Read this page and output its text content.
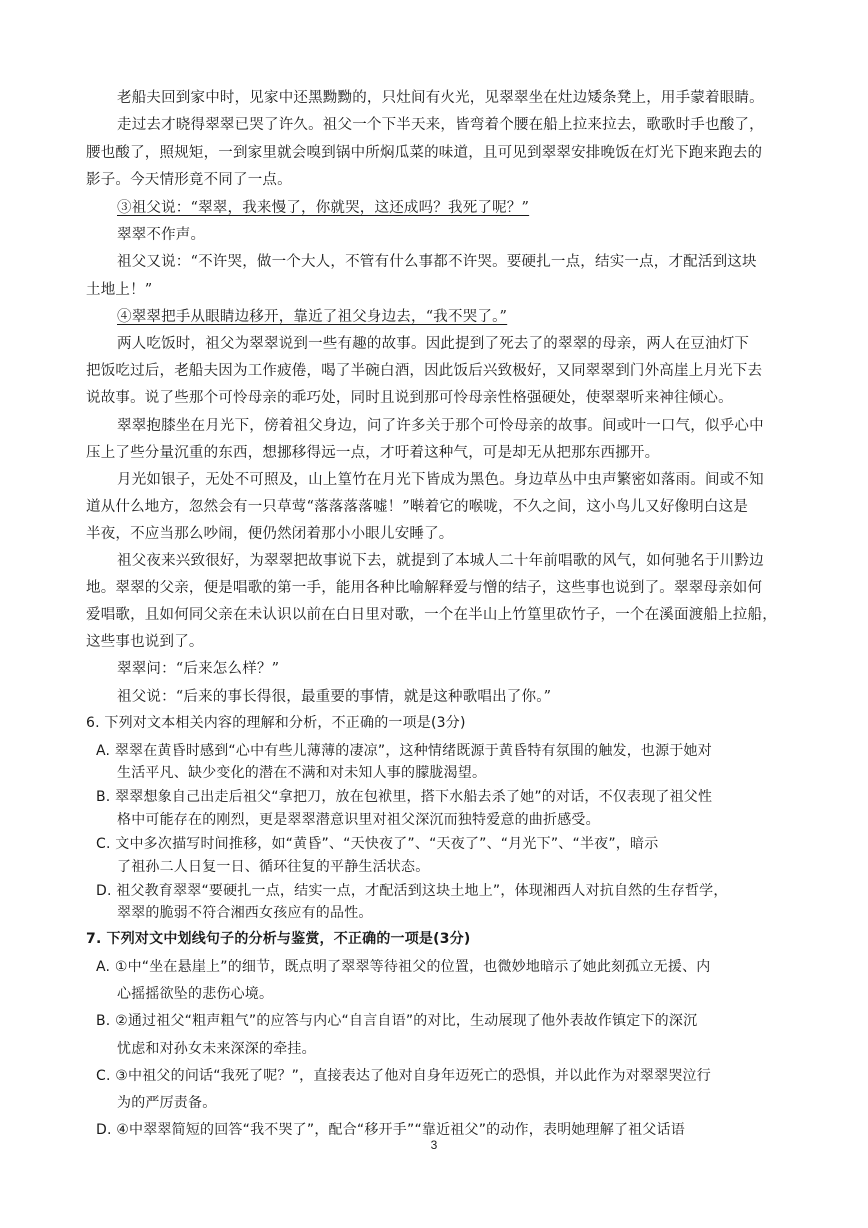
老船夫回到家中时，见家中还黑黝黝的，只灶间有火光，见翠翠坐在灶边矮条凳上，用手蒙着眼睛。
走过去才晓得翠翠已哭了许久。祖父一个下半天来，皆弯着个腰在船上拉来拉去，歌歌时手也酸了，
腰也酸了，照规矩，一到家里就会嗅到锅中所焖瓜菜的味道，且可见到翠翠安排晚饭在灯光下跑来跑去的
影子。今天情形竟不同了一点。
③祖父说：“翠翠，我来慢了，你就哭，这还成吗？我死了呢？”
翠翠不作声。
祖父又说：“不许哭，做一个大人，不管有什么事都不许哭。要硬扎一点，结实一点，才配活到这块
土地上！”
④翠翠把手从眼睛边移开，靠近了祖父身边去，“我不哭了。”
两人吃饭时，祖父为翠翠说到一些有趣的故事。因此提到了死去了的翠翠的母亲，两人在豆油灯下
把饭吃过后，老船夫因为工作疲倦，喝了半碗白酒，因此饭后兴致极好，又同翠翠到门外高崖上月光下去
说故事。说了些那个可怜母亲的乖巧处，同时且说到那可怜母亲性格强硬处，使翠翠听来神往倾心。
翠翠抱膝坐在月光下，傍着祖父身边，问了许多关于那个可怜母亲的故事。间或叶一口气，似乎心中
压上了些分量沉重的东西，想挪移得远一点，才吁着这种气，可是却无从把那东西挪开。
月光如银子，无处不可照及，山上篁竹在月光下皆成为黑色。身边草丛中虫声繁密如落雨。间或不知
道从什么地方，忽然会有一只草莺“落落落落嘘！”啭着它的喉咙，不久之间，这小鸟儿又好像明白这是
半夜，不应当那么吵闹，便仍然闭着那小小眼儿安睡了。
祖父夜来兴致很好，为翠翠把故事说下去，就提到了本城人二十年前唱歌的风气，如何驰名于川黔边
地。翠翠的父亲，便是唱歌的第一手，能用各种比喻解释爱与憎的结子，这些事也说到了。翠翠母亲如何
爱唱歌，且如何同父亲在未认识以前在白日里对歌，一个在半山上竹篁里砍竹子，一个在溪面渡船上拉船，
这些事也说到了。
翠翠问：“后来怎么样？”
祖父说：“后来的事长得很，最重要的事情，就是这种歌唱出了你。”
6. 下列对文本相关内容的理解和分析，不正确的一项是(3分)
A. 翠翠在黄昏时感到“心中有些儿薄薄的凄凉”，这种情绪既源于黄昏特有氛围的触发，也源于她对
生活平凡、缺少变化的潜在不满和对未知人事的朦胧渴望。
B. 翠翠想象自己出走后祖父“拿把刀，放在包袱里，搭下水船去杀了她”的对话，不仅表现了祖父性
格中可能存在的刚烈，更是翠翠潜意识里对祖父深沉而独特爱意的曲折感受。
C. 文中多次描写时间推移，如“黄昏”、“天快夜了”、“天夜了”、“月光下”、“半夜”，暗示
了祖孙二人日复一日、循环往复的平静生活状态。
D. 祖父教育翠翠“要硬扎一点，结实一点，才配活到这块土地上”，体现湘西人对抗自然的生存哲学，
翠翠的脆弱不符合湘西女孩应有的品性。
7. 下列对文中划线句子的分析与鉴赏，不正确的一项是(3分)
A. ①中“坐在悬崖上”的细节，既点明了翠翠等待祖父的位置，也微妙地暗示了她此刻孤立无援、内
心摇摇欲坠的悲伤心境。
B. ②通过祖父“粗声粗气”的应答与内心“自言自语”的对比，生动展现了他外表故作镇定下的深沉
忧虑和对孙女未来深深的牵挂。
C. ③中祖父的问话“我死了呢？”，直接表达了他对自身年迈死亡的恐惧，并以此作为对翠翠哭泣行
为的严厉责备。
D. ④中翠翠简短的回答“我不哭了”，配合“移开手”“靠近祖父”的动作，表明她理解了祖父话语
3
